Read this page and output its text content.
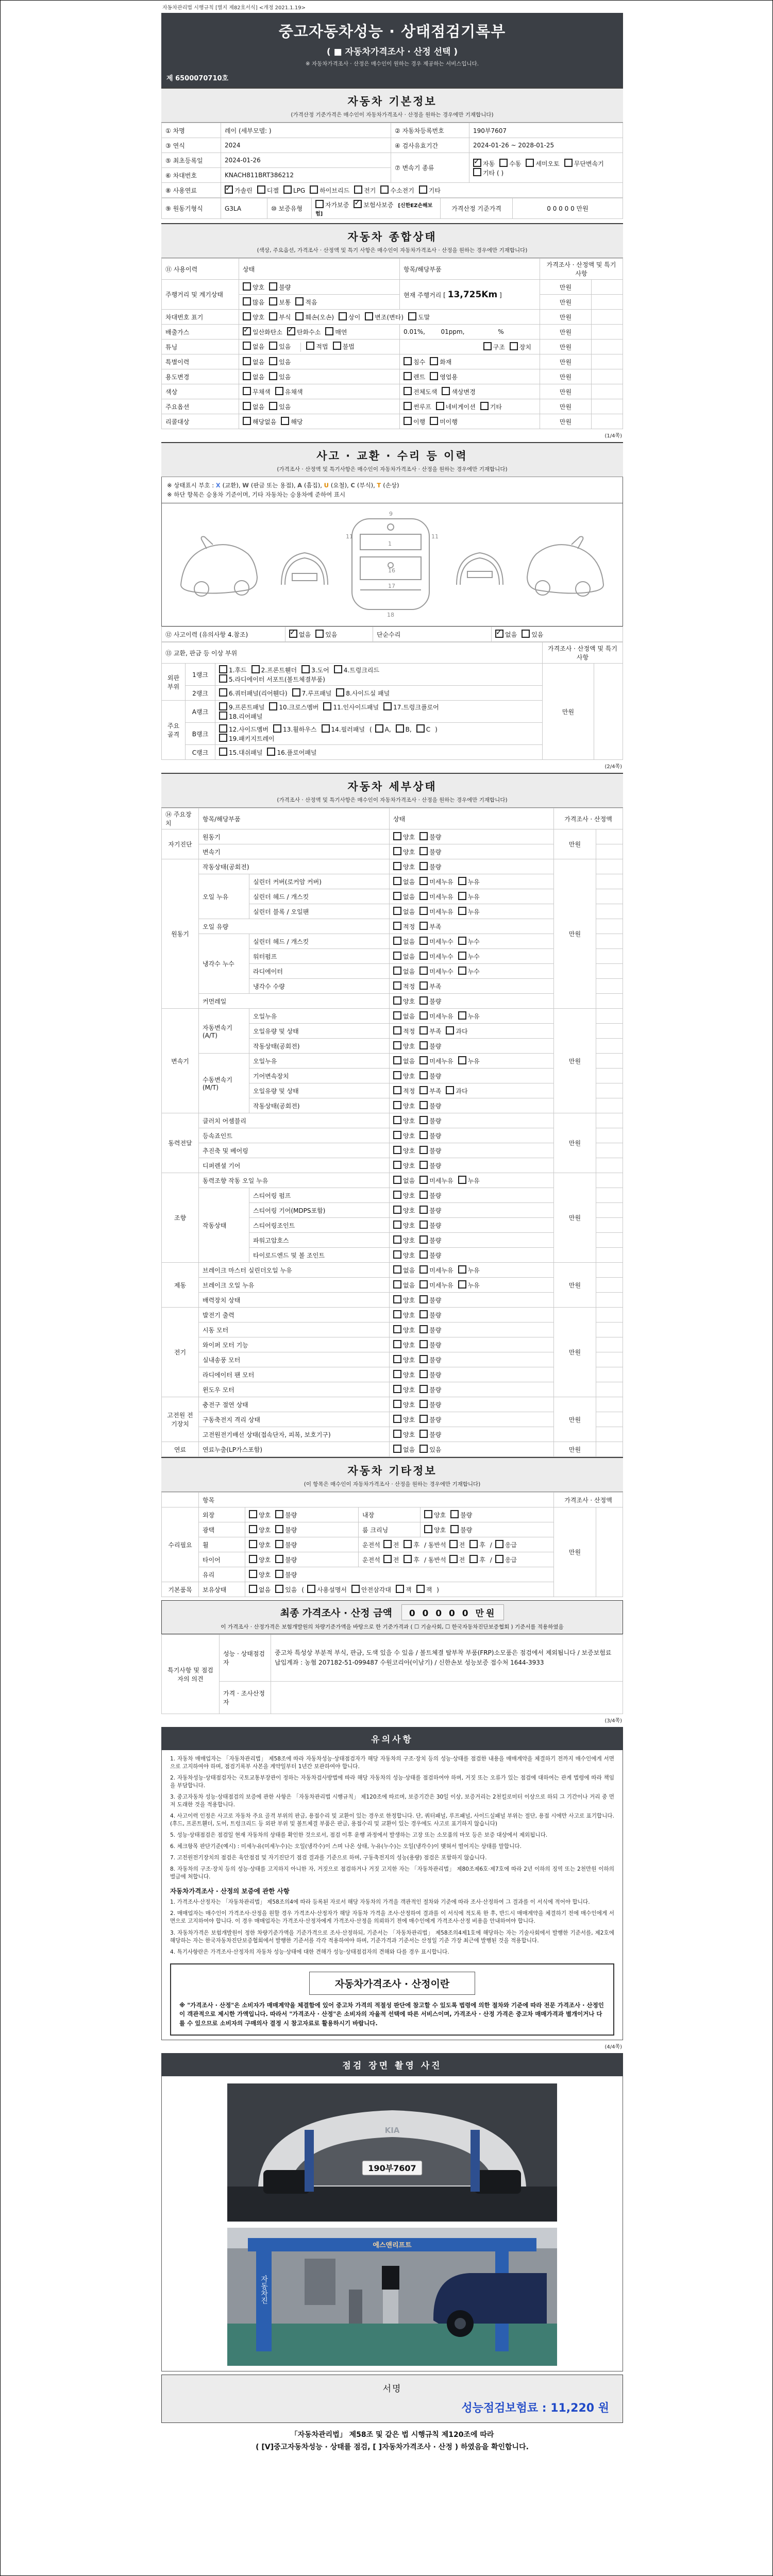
자동차관리법 시행규칙 [별지 제82호서식] <개정 2021.1.19>
중고자동차성능 · 상태점검기록부
( ■ 자동차가격조사 · 산정 선택 )
※ 자동차가격조사 · 산정은 매수인이 원하는 경우 제공하는 서비스입니다.
제 6500070710호
자동차 기본정보
(가격산정 기준가격은 매수인이 자동차가격조사 · 산정을 원하는 경우에만 기재합니다)
① 차명	레이 (세부모델: )	② 자동차등록번호	190부7607
③ 연식	2024	④ 검사유효기간	2024-01-26 ~ 2028-01-25
⑤ 최초등록일	2024-01-26	⑦ 변속기 종류	✓자동 수동 세미오토 무단변속기기타 ( )
⑥ 차대번호	KNACH811BRT386212		
⑧ 사용연료	✓가솔린 디젤 LPG 하이브리드 전기 수소전기 기타
⑨ 원동기형식	G3LA	⑩ 보증유형	자가보증 ✓ 보험사보증 [신한EZ손해보험]	가격산정 기준가격	0 0 0 0 0 만원
자동차 종합상태
(색상, 주요옵션, 가격조사 · 산정액 및 특기 사항은 매수인이 자동차가격조사 · 산정을 원하는 경우에만 기재합니다)
⑪ 사용이력	상태	항목/해당부품	가격조사 · 산정액 및 특기사항	
주행거리 및 계기상태	양호 불량	현재 주행거리 [ 13,725Km ]	만원	
	많음 보통 적음		만원	
차대번호 표기	양호 부식 훼손(오손) 상이 변조(변타) 도말		만원	
배출가스	✓일산화탄소 ✓ 탄화수소 매연	0.01%,        01ppm,                 %	만원	
튜닝	없음 있음 적법 불법	구조 장치	만원	
특별이력	없음 있음	침수 화재	만원	
용도변경	없음 있음	렌트 영업용	만원	
색상	무채색 유채색	전체도색 색상변경	만원	
주요옵션	없음 있음	썬루프 네비게이션 기타	만원	
리콜대상	해당없음 해당	이행 미이행	만원	
(1/4쪽)
사고 · 교환 · 수리 등 이력
(가격조사 · 산정액 및 특기사항은 매수인이 자동차가격조사 · 산정을 원하는 경우에만 기재합니다)
※ 상태표시 부호 : X (교환), W (판금 또는 용접), A (흠집), U (요철), C (부식), T (손상)
※ 하단 항목은 승용차 기준이며, 기타 자동차는 승용차에 준하여 표시
11	11
1
9
16
17
18
⑫ 사고이력 (유의사항 4.참조)	✓없음 있음	단순수리	✓없음 있음
⑬ 교환, 판금 등 이상 부위			가격조사 · 산정액 및 특기사항	
외판부위	1랭크	1.후드 2.프론트휀더 3.도어 4.트렁크리드
5.라디에이터 서포트(볼트체결부품)	만원	
	2랭크	6.쿼터패널(리어휀다) 7.루프패널 8.사이드실 패널		
주요골격	A랭크	9.프론트패널 10.크로스멤버 11.인사이드패널 17.트렁크플로어
18.리어패널		

	B랭크	12.사이드멤버 13.휠하우스 14.필러패널 ( A, B, C )
19.패키지트레이		

	C랭크	15.대쉬패널 16.플로어패널		
(2/4쪽)
자동차 세부상태
(가격조사 · 산정액 및 특기사항은 매수인이 자동차가격조사 · 산정을 원하는 경우에만 기재합니다)
⑭ 주요장치	항목/해당부품		상태	가격조사 · 산정액	
자기진단	원동기		양호 불량	만원	
	변속기		양호 불량		
원동기	작동상태(공회전)		양호 불량	만원	
	오일 누유	실린더 커버(로커암 커버)	없음 미세누유 누유		
		실린더 헤드 / 개스킷	없음 미세누유 누유		
		실린더 블록 / 오일팬	없음 미세누유 누유		
	오일 유량		적정 부족		
	냉각수 누수	실린더 헤드 / 개스킷	없음 미세누수 누수		
		워터펌프	없음 미세누수 누수		
		라디에이터	없음 미세누수 누수		
		냉각수 수량	적정 부족		
	커먼레일		양호 불량		
변속기	자동변속기 (A/T)	오일누유	없음 미세누유 누유	만원	
		오일유량 및 상태	적정 부족 과다		
		작동상태(공회전)	양호 불량		
	수동변속기 (M/T)	오일누유	없음 미세누유 누유		
		기어변속장치	양호 불량		
		오일유량 및 상태	적정 부족 과다		
		작동상태(공회전)	양호 불량		
동력전달	클러치 어셈블리		양호 불량	만원	
	등속죠인트		양호 불량		
	추진축 및 베어링		양호 불량		
	디퍼렌셜 기어		양호 불량		
조향	동력조향 작동 오일 누유		없음 미세누유 누유	만원	
	작동상태	스티어링 펌프	양호 불량		
		스티어링 기어(MDPS포함)	양호 불량		
		스티어링조인트	양호 불량		
		파워고압호스	양호 불량		
		타이로드엔드 및 볼 조인트	양호 불량		
제동	브레이크 마스터 실린더오일 누유		없음 미세누유 누유	만원	
	브레이크 오일 누유		없음 미세누유 누유		
	배력장치 상태		양호 불량		
전기	발전기 출력		양호 불량	만원	
	시동 모터		양호 불량		
	와이퍼 모터 기능		양호 불량		
	실내송풍 모터		양호 불량		
	라디에이터 팬 모터		양호 불량		
	윈도우 모터		양호 불량		
고전원 전기장치	충전구 절연 상태		양호 불량	만원	
	구동축전지 격리 상태		양호 불량		
	고전원전기배선 상태(접속단자, 피복, 보호기구)		양호 불량		
연료	연료누출(LP가스포함)		없음 있음	만원	
자동차 기타정보
(이 항목은 매수인이 자동차가격조사 · 산정을 원하는 경우에만 기재합니다)
	항목				가격조사 · 산정액	
수리필요	외장	양호 불량	내장	양호 불량	만원	
	광택	양호 불량	룸 크리닝	양호 불량		
	휠	양호 불량	운전석 전 후 / 동반석 전 후 / 응급			
	타이어	양호 불량	운전석 전 후 / 동반석 전 후 / 응급			
	유리	양호 불량				
기본품목	보유상태	없음 있음 ( 사용설명서 안전삼각대 잭 잭 )				
최종 가격조사 · 산정 금액 0 0 0 0 0 만원
이 가격조사 · 산정가격은 보험개발원의 차량기준가액을 바탕으로 한 기준가격과 ( ☐ 기술사회, ☐ 한국자동차진단보증협회 ) 기준서를 적용하였음
특기사항 및 점검자의 의견	성능 · 상태점검자	중고차 특성상 부분적 부식, 판금, 도색 있을 수 있음 / 볼트체결 탈부착 부품(FRP)소모품은 점검에서 제외됩니다 / 보증보험료 납입계좌 : 농협 207182-51-099487 수원코리아(이남기) / 신한손보 성능보증 접수처 1644-3933
	가격 · 조사산정자	
(3/4쪽)
유의사항
1. 자동차 매매업자는 「자동차관리법」 제58조에 따라 자동차성능·상태점검자가 해당 자동차의 구조·장치 등의 성능·상태를 점검한 내용을 매매계약을 체결하기 전까지 매수인에게 서면으로 고지하여야 하며, 점검기록부 사본을 계약일부터 1년간 보관하여야 합니다.
2. 자동차성능·상태점검자는 국토교통부장관이 정하는 자동차검사방법에 따라 해당 자동차의 성능·상태를 점검하여야 하며, 거짓 또는 오류가 있는 점검에 대하여는 관계 법령에 따라 책임을 부담합니다.
3. 중고자동차 성능·상태점검의 보증에 관한 사항은 「자동차관리법 시행규칙」 제120조에 따르며, 보증기간은 30일 이상, 보증거리는 2천킬로미터 이상으로 하되 그 기간이나 거리 중 먼저 도래한 것을 적용합니다.
4. 사고이력 인정은 사고로 자동차 주요 골격 부위의 판금, 용접수리 및 교환이 있는 경우로 한정합니다. 단, 쿼터패널, 루프패널, 사이드실패널 부위는 절단, 용접 시에만 사고로 표기합니다. (후드, 프론트휀더, 도어, 트렁크리드 등 외판 부위 및 볼트체결 부품은 판금, 용접수리 및 교환이 있는 경우에도 사고로 표기하지 않습니다)
5. 성능·상태점검은 점검일 현재 자동차의 상태를 확인한 것으로서, 점검 이후 운행 과정에서 발생하는 고장 또는 소모품의 마모 등은 보증 대상에서 제외됩니다.
6. 체크항목 판단기준(예시) : 미세누유(미세누수)는 오일(냉각수)이 스며 나온 상태, 누유(누수)는 오일(냉각수)이 맺혀서 떨어지는 상태를 말합니다.
7. 고전원전기장치의 점검은 육안점검 및 자기진단기 점검 결과를 기준으로 하며, 구동축전지의 성능(용량) 점검은 포함하지 않습니다.
8. 자동차의 구조·장치 등의 성능·상태를 고지하지 아니한 자, 거짓으로 점검하거나 거짓 고지한 자는 「자동차관리법」 제80조제6호·제7호에 따라 2년 이하의 징역 또는 2천만원 이하의 벌금에 처합니다.
자동차가격조사 · 산정의 보증에 관한 사항
1. 가격조사·산정자는 「자동차관리법」 제58조의4에 따라 등록된 자로서 해당 자동차의 가격을 객관적인 절차와 기준에 따라 조사·산정하여 그 결과를 이 서식에 적어야 합니다.
2. 매매업자는 매수인이 가격조사·산정을 원할 경우 가격조사·산정자가 해당 자동차 가격을 조사·산정하여 결과를 이 서식에 적도록 한 후, 반드시 매매계약을 체결하기 전에 매수인에게 서면으로 고지하여야 합니다. 이 경우 매매업자는 가격조사·산정자에게 가격조사·산정을 의뢰하기 전에 매수인에게 가격조사·산정 비용을 안내하여야 합니다.
3. 자동차가격은 보험개발원이 정한 차량기준가액을 기준가격으로 조사·산정하되, 기준서는 「자동차관리법」 제58조의4제1호에 해당하는 자는 기술사회에서 발행한 기준서를, 제2호에 해당하는 자는 한국자동차진단보증협회에서 발행한 기준서를 각각 적용하여야 하며, 기준가격과 기준서는 산정일 기준 가장 최근에 발행된 것을 적용합니다.
4. 특기사항란은 가격조사·산정자의 자동차 성능·상태에 대한 견해가 성능·상태점검자의 견해와 다를 경우 표시합니다.
자동차가격조사 · 산정이란
※ "가격조사 · 산정"은 소비자가 매매계약을 체결함에 있어 중고차 가격의 적절성 판단에 참고할 수 있도록 법령에 의한 절차와 기준에 따라 전문 가격조사 · 산정인이 객관적으로 제시한 가액입니다. 따라서 "가격조사 · 산정"은 소비자의 자율적 선택에 따른 서비스이며, 가격조사 · 산정 가격은 중고차 매매가격과 별개이거나 다를 수 있으므로 소비자의 구매의사 결정 시 참고자료로 활용하시기 바랍니다.
(4/4쪽)
점검 장면 촬영 사진
KIA
190부7607
에스앤리프트
자동차진
서명
성능점검보험료 : 11,220 원
「자동차관리법」 제58조 및 같은 법 시행규칙 제120조에 따라
( [V]중고자동차성능 · 상태를 점검, [ ]자동차가격조사 · 산정 ) 하였음을 확인합니다.
